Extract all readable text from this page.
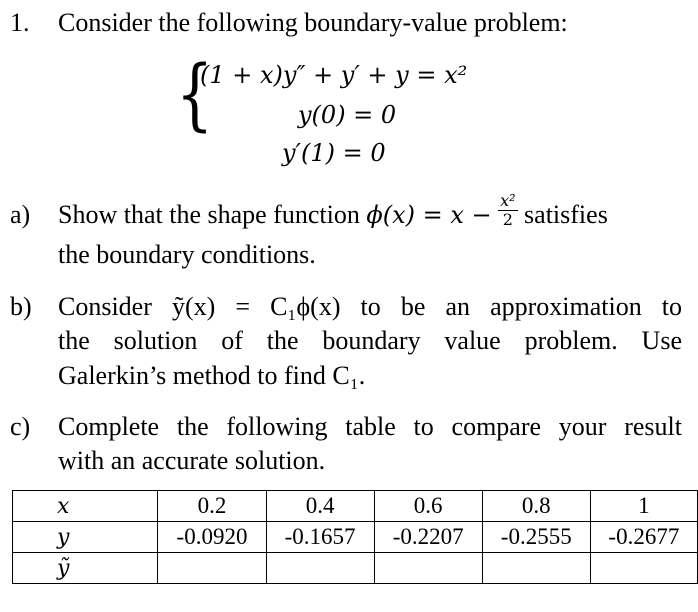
1. Consider the following boundary-value problem:
{
(1 + x)y″ + y′ + y = x²
y(0) = 0
y′(1) = 0
a) Show that the shape function $\phi(x) = x - \frac{\text{x²}}{2}$ satisfies
the boundary conditions.
b) Consider ỹ(x) = C₁ϕ(x) to be an approximation to
the solution of the boundary value problem. Use
Galerkin’s method to find C₁.
c) Complete the following table to compare your result
with an accurate solution.
x	0.2	0.4	0.6	0.8	1
y	-0.0920	-0.1657	-0.2207	-0.2555	-0.2677
ỹ					
